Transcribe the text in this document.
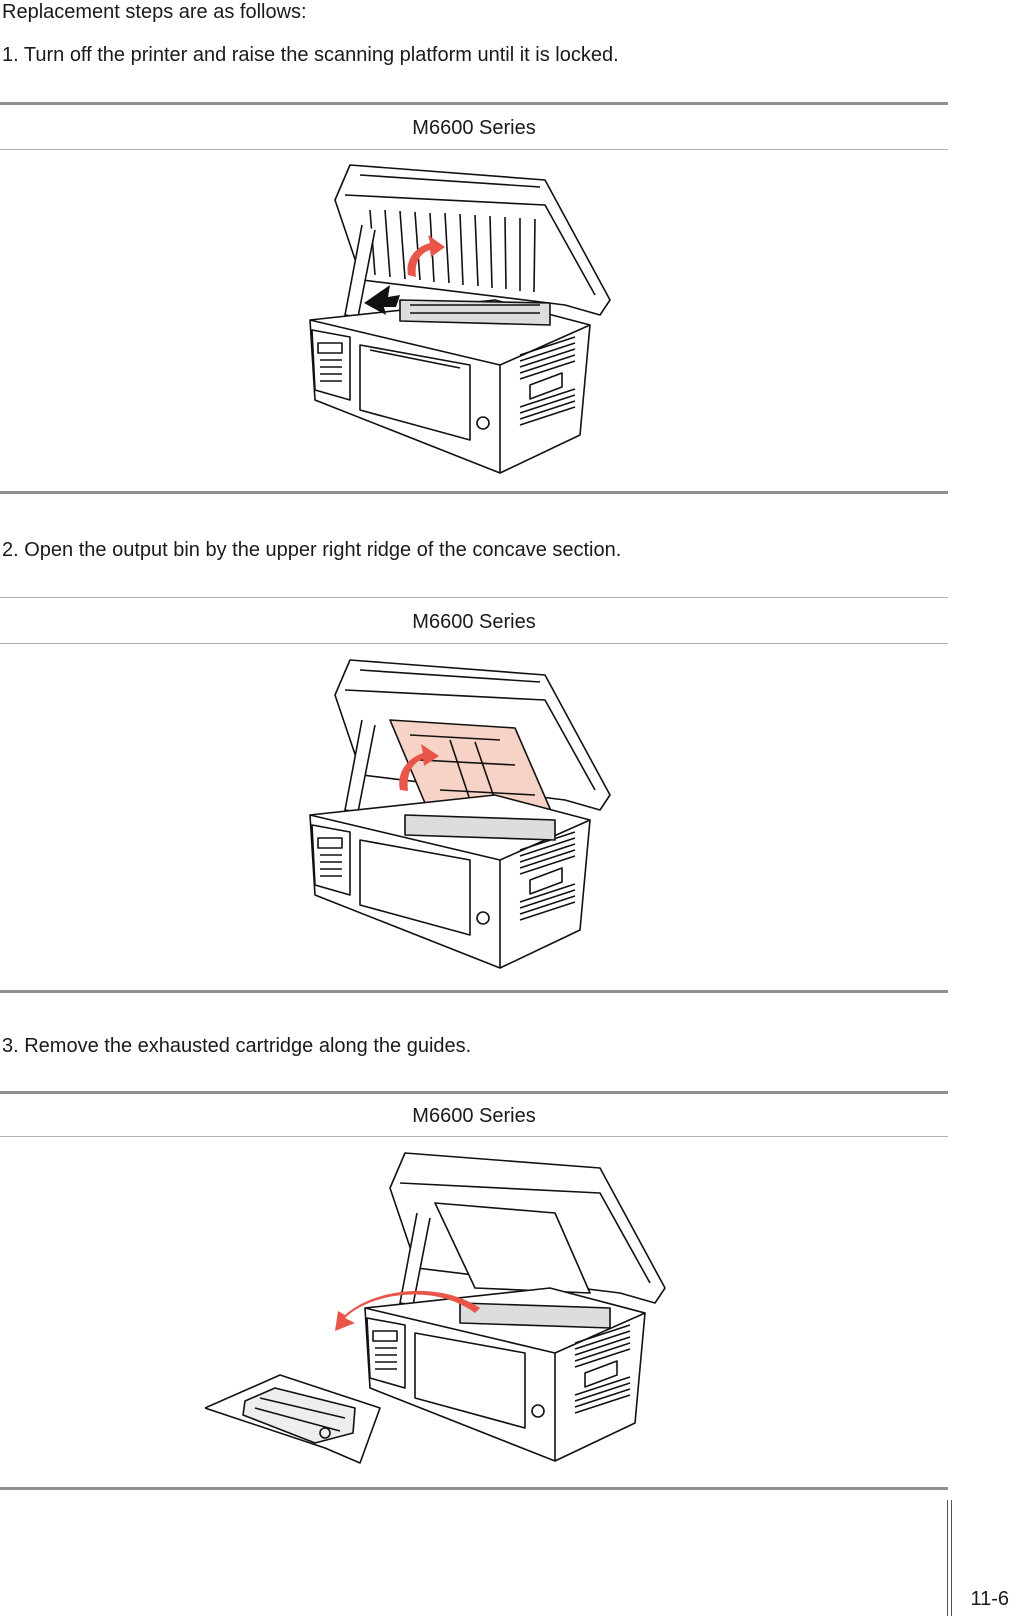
Replacement steps are as follows:

1. Turn off the printer and raise the scanning platform until it is locked.

M6600 Series

2. Open the output bin by the upper right ridge of the concave section.

M6600 Series

3. Remove the exhausted cartridge along the guides.

M6600 Series

11-6
